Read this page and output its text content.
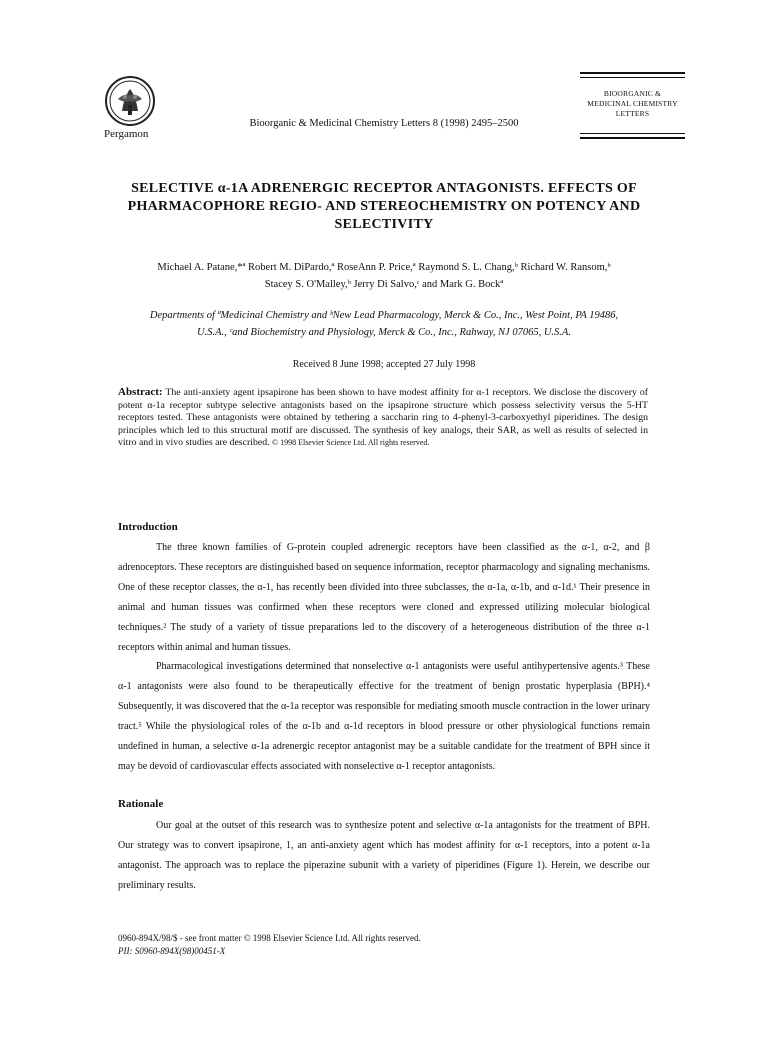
Pergamon
Bioorganic & Medicinal Chemistry Letters 8 (1998) 2495–2500
BIOORGANIC &
MEDICINAL CHEMISTRY
LETTERS
SELECTIVE α-1A ADRENERGIC RECEPTOR ANTAGONISTS. EFFECTS OF PHARMACOPHORE REGIO- AND STEREOCHEMISTRY ON POTENCY AND SELECTIVITY
Michael A. Patane,*ª Robert M. DiPardo,ª RoseAnn P. Price,ª Raymond S. L. Chang,ᵇ Richard W. Ransom,ᵇ
Stacey S. O'Malley,ᵇ Jerry Di Salvo,ᶜ and Mark G. Bockª
Departments of ªMedicinal Chemistry and ᵇNew Lead Pharmacology, Merck & Co., Inc., West Point, PA 19486,
U.S.A., ᶜand Biochemistry and Physiology, Merck & Co., Inc., Rahway, NJ 07065, U.S.A.
Received 8 June 1998; accepted 27 July 1998
Abstract: The anti-anxiety agent ipsapirone has been shown to have modest affinity for α-1 receptors. We disclose the discovery of potent α-1a receptor subtype selective antagonists based on the ipsapirone structure which possess selectivity versus the 5-HT receptors tested. These antagonists were obtained by tethering a saccharin ring to 4-phenyl-3-carboxyethyl piperidines. The design principles which led to this structural motif are discussed. The synthesis of key analogs, their SAR, as well as results of selected in vitro and in vivo studies are described. © 1998 Elsevier Science Ltd. All rights reserved.
Introduction
The three known families of G-protein coupled adrenergic receptors have been classified as the α-1, α-2, and β adrenoceptors. These receptors are distinguished based on sequence information, receptor pharmacology and signaling mechanisms. One of these receptor classes, the α-1, has recently been divided into three subclasses, the α-1a, α-1b, and α-1d.¹ Their presence in animal and human tissues was confirmed when these receptors were cloned and expressed utilizing molecular biological techniques.² The study of a variety of tissue preparations led to the discovery of a heterogeneous distribution of the three α-1 receptors within animal and human tissues.
Pharmacological investigations determined that nonselective α-1 antagonists were useful antihypertensive agents.³ These α-1 antagonists were also found to be therapeutically effective for the treatment of benign prostatic hyperplasia (BPH).⁴ Subsequently, it was discovered that the α-1a receptor was responsible for mediating smooth muscle contraction in the lower urinary tract.⁵ While the physiological roles of the α-1b and α-1d receptors in blood pressure or other physiological functions remain undefined in human, a selective α-1a adrenergic receptor antagonist may be a suitable candidate for the treatment of BPH since it may be devoid of cardiovascular effects associated with nonselective α-1 receptor antagonists.
Rationale
Our goal at the outset of this research was to synthesize potent and selective α-1a antagonists for the treatment of BPH. Our strategy was to convert ipsapirone, 1, an anti-anxiety agent which has modest affinity for α-1 receptors, into a potent α-1a antagonist. The approach was to replace the piperazine subunit with a variety of piperidines (Figure 1). Herein, we describe our preliminary results.
0960-894X/98/$ - see front matter © 1998 Elsevier Science Ltd. All rights reserved.
PII: S0960-894X(98)00451-X
